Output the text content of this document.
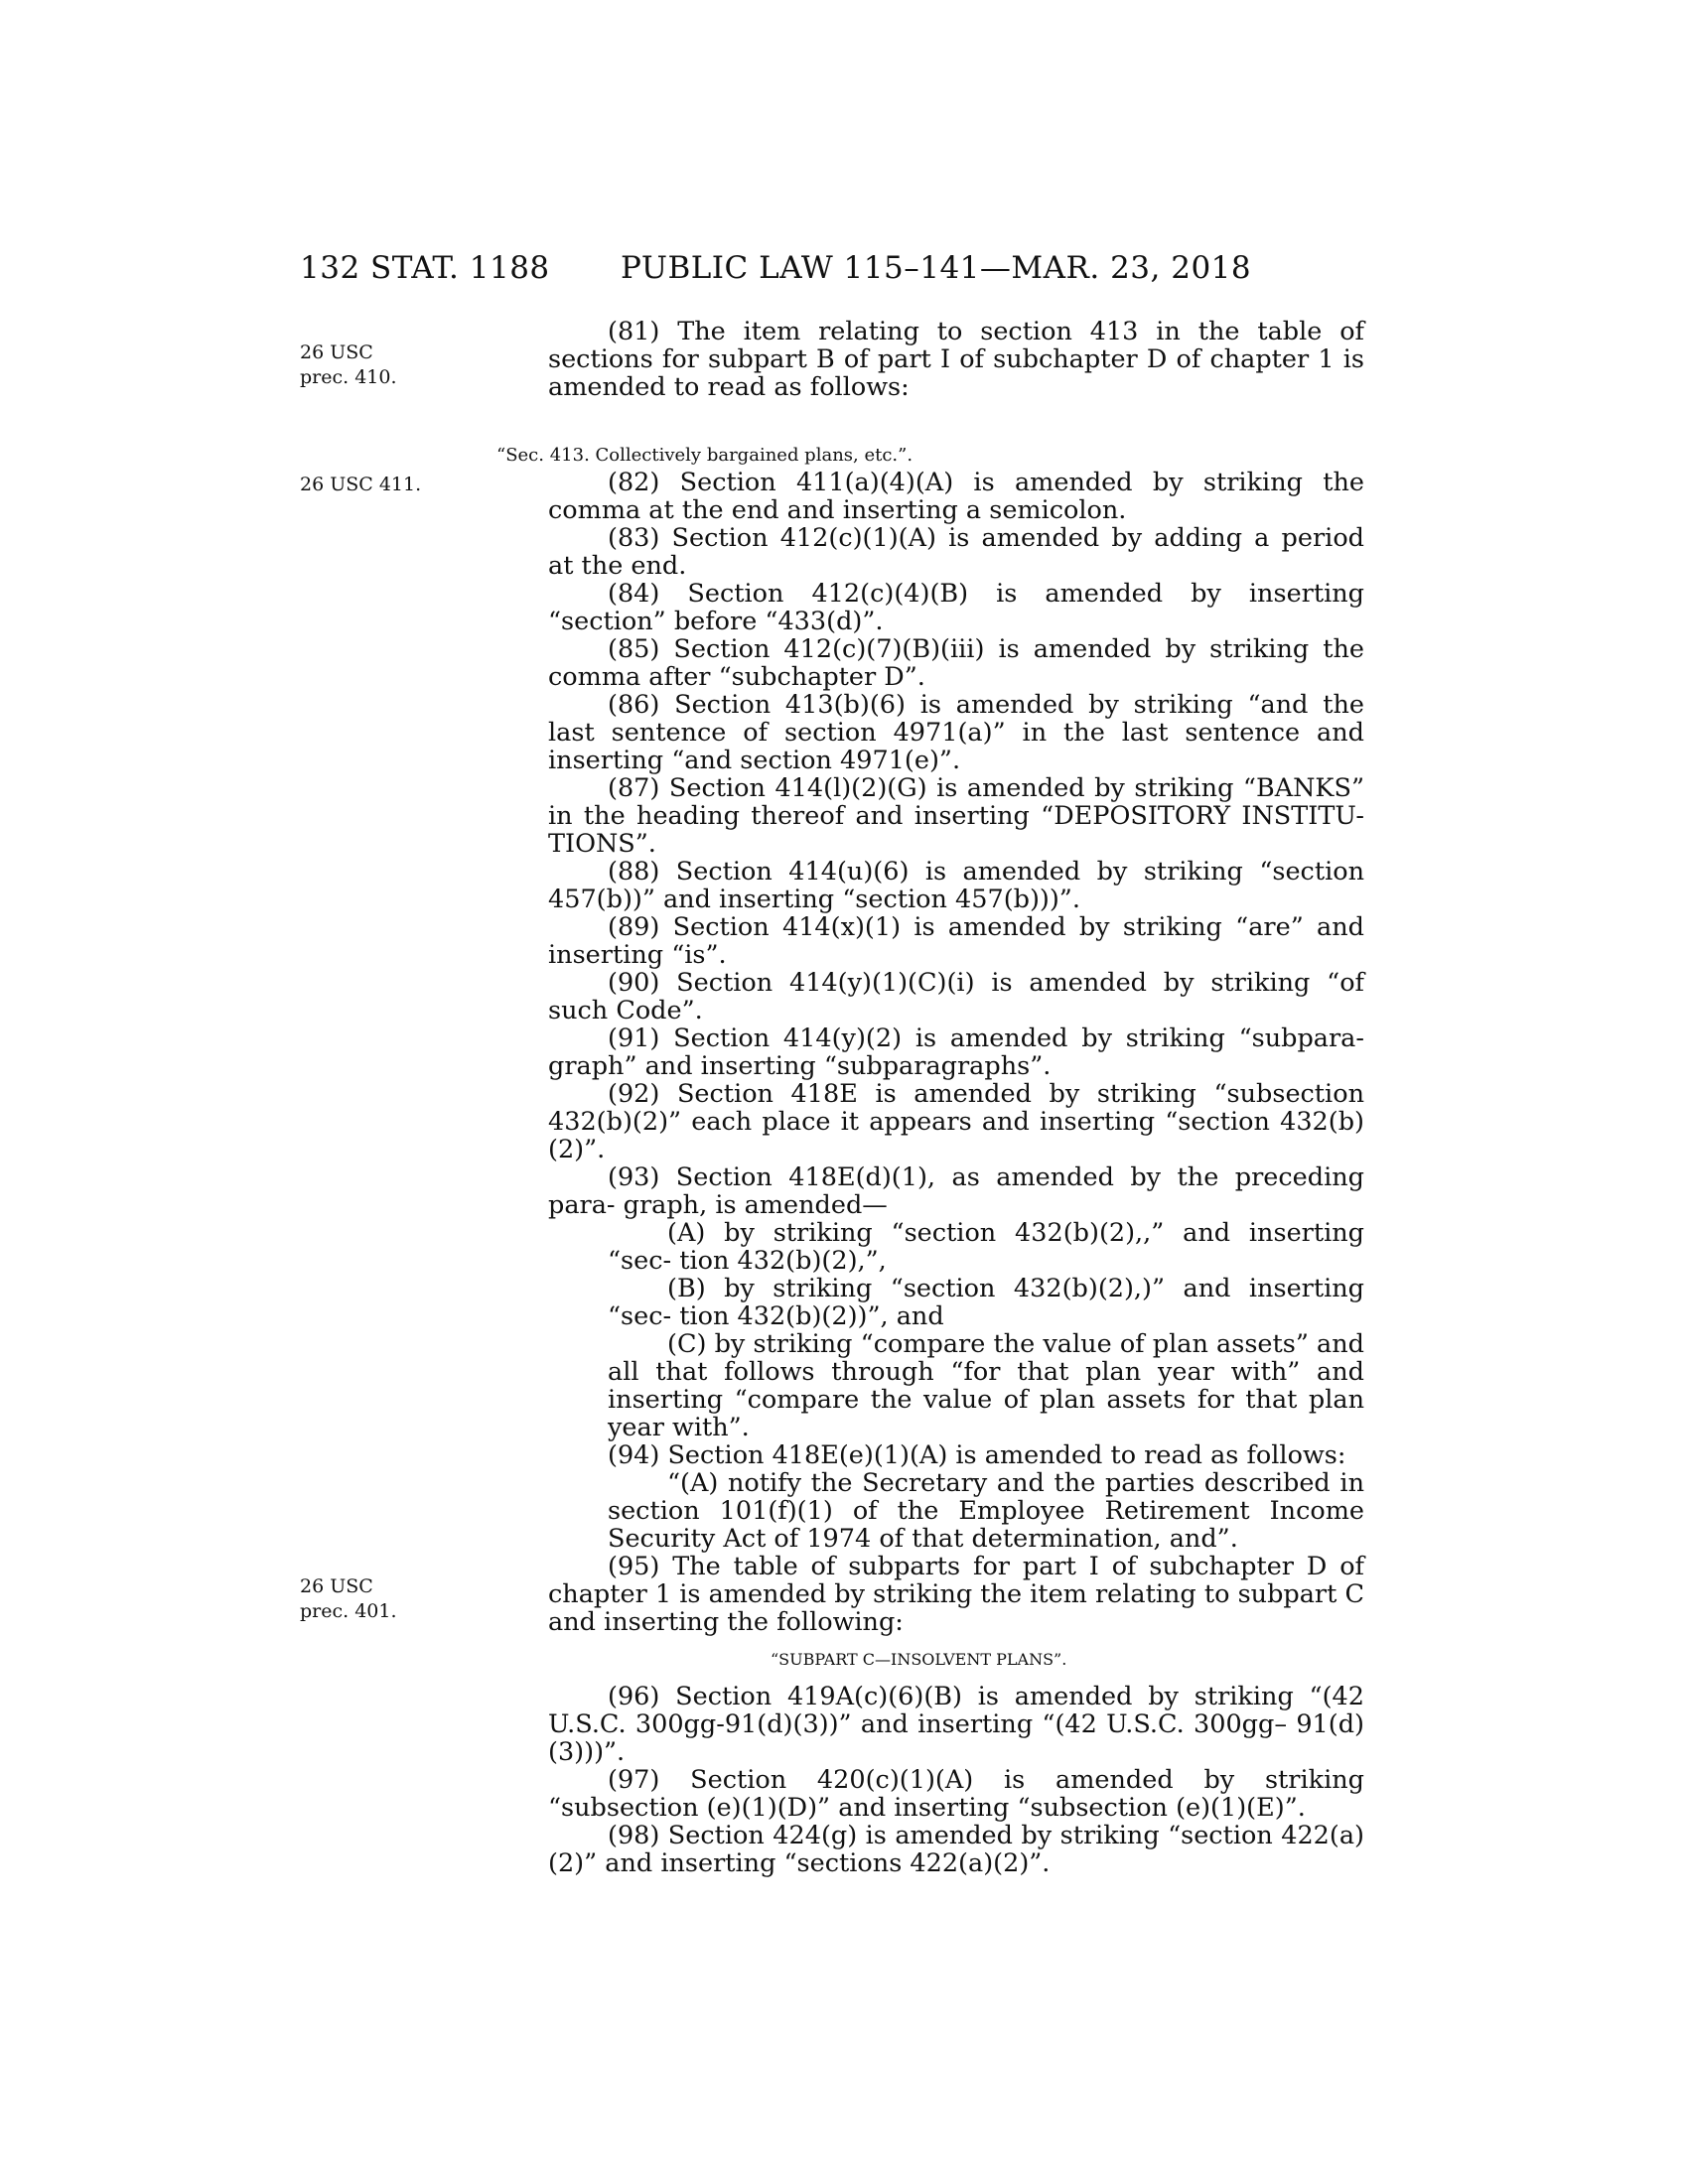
132 STAT. 1188 PUBLIC LAW 115–141—MAR. 23, 2018
26 USC
prec. 410.
(81) The item relating to section 413 in the table of sections for subpart B of part I of subchapter D of chapter 1 is amended to read as follows:
“Sec. 413. Collectively bargained plans, etc.”.
26 USC 411.	(82) Section 411(a)(4)(A) is amended by striking the comma at the end and inserting a semicolon.

(83) Section 412(c)(1)(A) is amended by adding a period at the end.

(84) Section 412(c)(4)(B) is amended by inserting “section” before “433(d)”.

(85) Section 412(c)(7)(B)(iii) is amended by striking the comma after “subchapter D”.

(86) Section 413(b)(6) is amended by striking “and the last sentence of section 4971(a)” in the last sentence and inserting “and section 4971(e)”.

(87) Section 414(l)(2)(G) is amended by striking “BANKS” in the heading thereof and inserting “DEPOSITORY INSTITU- TIONS”.

(88) Section 414(u)(6) is amended by striking “section 457(b))” and inserting “section 457(b)))”.

(89) Section 414(x)(1) is amended by striking “are” and inserting “is”.

(90) Section 414(y)(1)(C)(i) is amended by striking “of such Code”.

(91) Section 414(y)(2) is amended by striking “subpara- graph” and inserting “subparagraphs”.

(92) Section 418E is amended by striking “subsection 432(b)(2)” each place it appears and inserting “section 432(b)(2)”.

(93) Section 418E(d)(1), as amended by the preceding para- graph, is amended—

(A) by striking “section 432(b)(2),,” and inserting “sec- tion 432(b)(2),”,

(B) by striking “section 432(b)(2),)” and inserting “sec- tion 432(b)(2))”, and

(C) by striking “compare the value of plan assets” and all that follows through “for that plan year with” and inserting “compare the value of plan assets for that plan year with”.

(94) Section 418E(e)(1)(A) is amended to read as follows:

“(A) notify the Secretary and the parties described in section 101(f)(1) of the Employee Retirement Income Security Act of 1974 of that determination, and”.

(95) The table of subparts for part I of subchapter D of chapter 1 is amended by striking the item relating to subpart C and inserting the following:

26 USC
prec. 401.
“SUBPART C—INSOLVENT PLANS”.

(96) Section 419A(c)(6)(B) is amended by striking “(42 U.S.C. 300gg-91(d)(3))” and inserting “(42 U.S.C. 300gg– 91(d)(3)))”.

(97) Section 420(c)(1)(A) is amended by striking “subsection (e)(1)(D)” and inserting “subsection (e)(1)(E)”.

(98) Section 424(g) is amended by striking “section 422(a)(2)” and inserting “sections 422(a)(2)”.
